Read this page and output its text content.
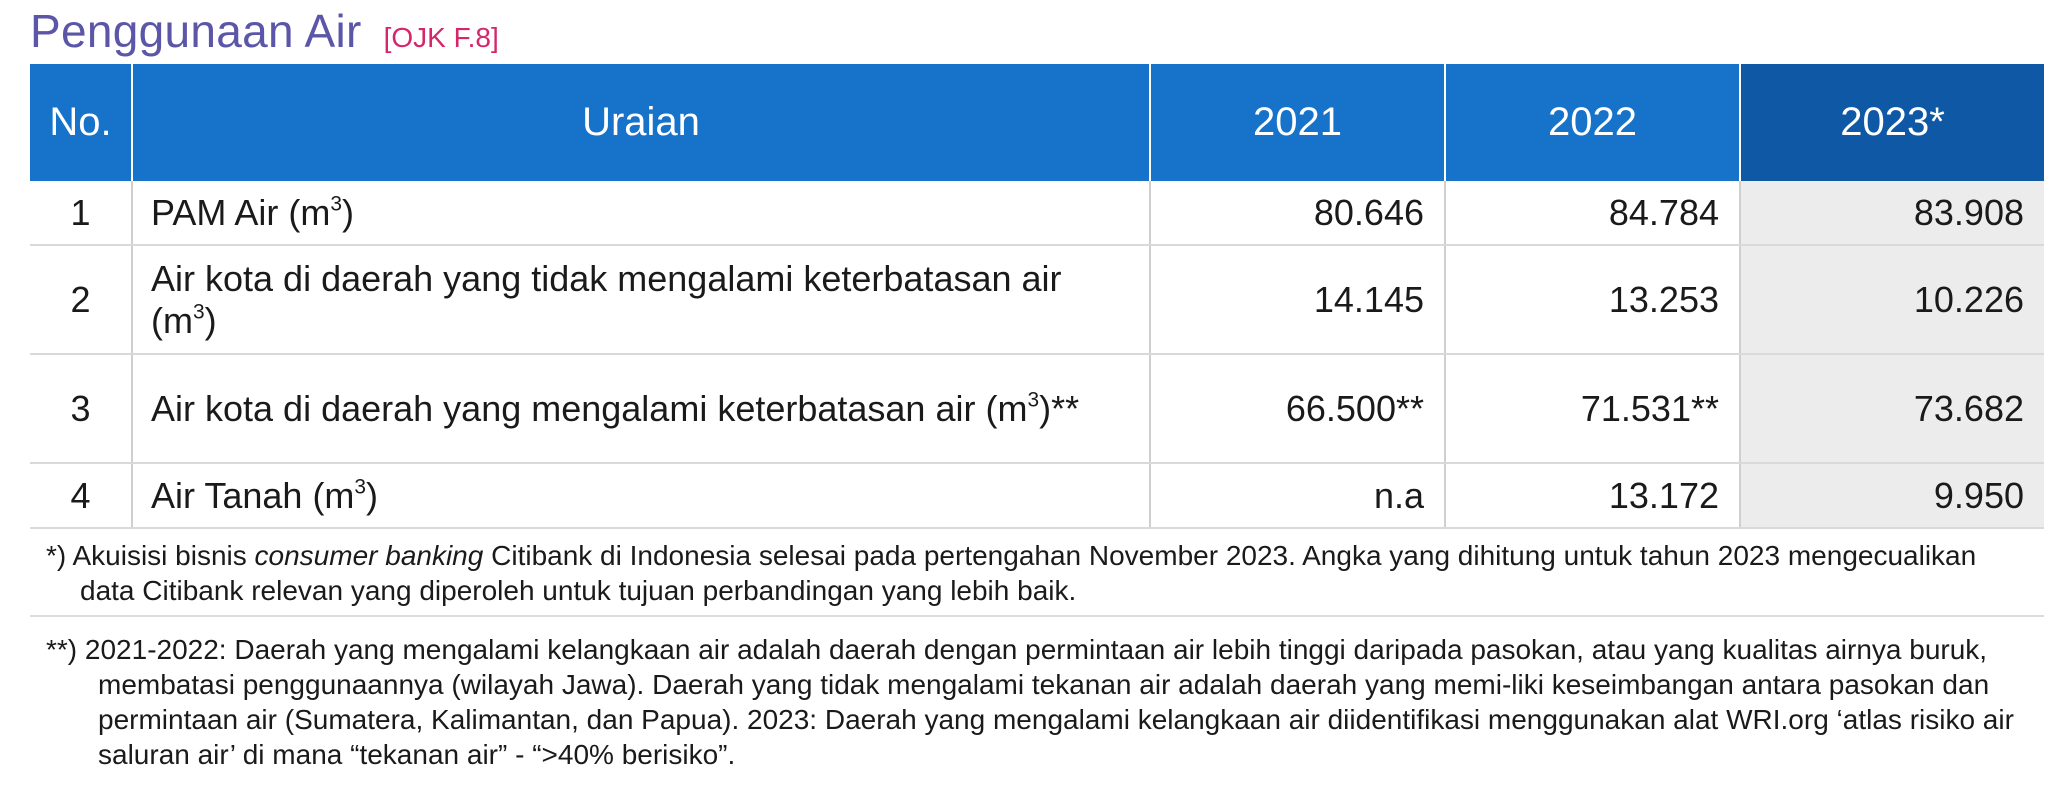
Penggunaan Air [OJK F.8]
No.	Uraian	2021	2022	2023*
1	PAM Air $(m^3)$	80.646	84.784	83.908
2	Air kota di daerah yang tidak mengalami keterbatasan air $(m^3)$	14.145	13.253	10.226
3	Air kota di daerah yang mengalami keterbatasan air $(m^3)**$	66.500**	71.531**	73.682
4	Air Tanah $(m^3)$	n.a	13.172	9.950
*) Akuisisi bisnis consumer banking Citibank di Indonesia selesai pada pertengahan November 2023. Angka yang dihitung untuk tahun 2023 mengecualikan data Citibank relevan yang diperoleh untuk tujuan perbandingan yang lebih baik.
**) 2021-2022: Daerah yang mengalami kelangkaan air adalah daerah dengan permintaan air lebih tinggi daripada pasokan, atau yang kualitas airnya buruk, membatasi penggunaannya (wilayah Jawa). Daerah yang tidak mengalami tekanan air adalah daerah yang memi-liki keseimbangan antara pasokan dan permintaan air (Sumatera, Kalimantan, dan Papua). 2023: Daerah yang mengalami kelangkaan air diidentifikasi menggunakan alat WRI.org ‘atlas risiko air saluran air’ di mana “tekanan air” - “>40% berisiko”.
